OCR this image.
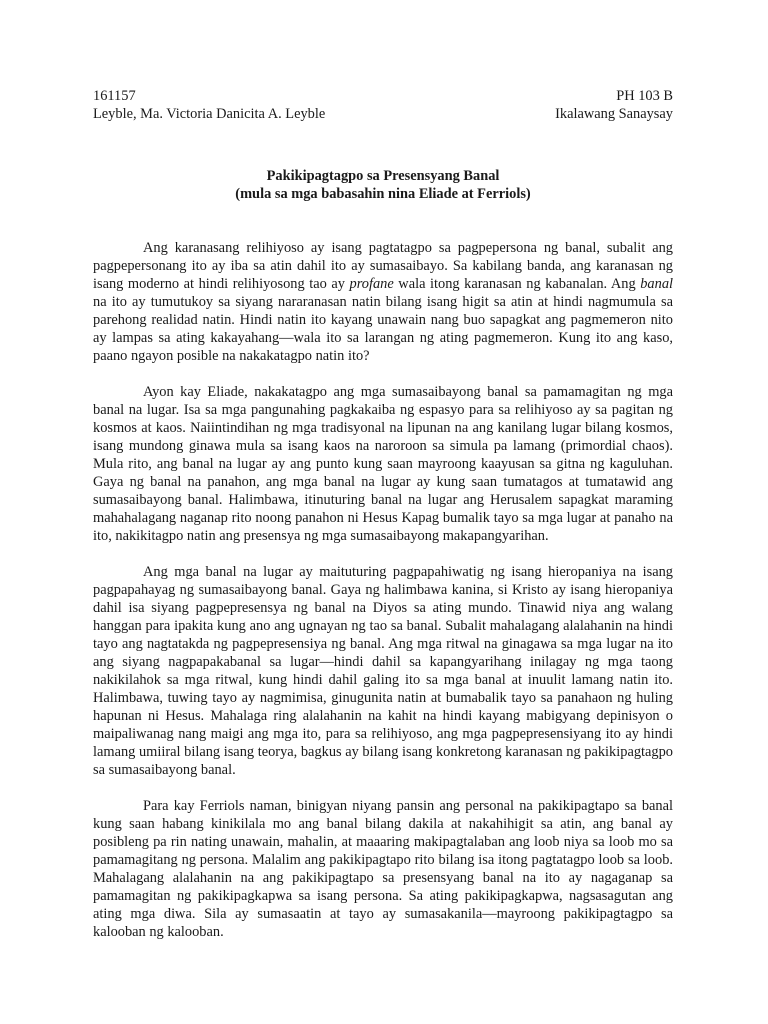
161157
Leyble, Ma. Victoria Danicita A. Leyble
PH 103 B
Ikalawang Sanaysay
Pakikipagtagpo sa Presensyang Banal
(mula sa mga babasahin nina Eliade at Ferriols)

Ang karanasang relihiyoso ay isang pagtatagpo sa pagpepersona ng banal, subalit ang pagpepersonang ito ay iba sa atin dahil ito ay sumasaibayo. Sa kabilang banda, ang karanasan ng isang moderno at hindi relihiyosong tao ay profane wala itong karanasan ng kabanalan. Ang banal na ito ay tumutukoy sa siyang nararanasan natin bilang isang higit sa atin at hindi nagmumula sa parehong realidad natin. Hindi natin ito kayang unawain nang buo sapagkat ang pagmemeron nito ay lampas sa ating kakayahang—wala ito sa larangan ng ating pagmemeron. Kung ito ang kaso, paano ngayon posible na nakakatagpo natin ito?

Ayon kay Eliade, nakakatagpo ang mga sumasaibayong banal sa pamamagitan ng mga banal na lugar. Isa sa mga pangunahing pagkakaiba ng espasyo para sa relihiyoso ay sa pagitan ng kosmos at kaos. Naiintindihan ng mga tradisyonal na lipunan na ang kanilang lugar bilang kosmos, isang mundong ginawa mula sa isang kaos na naroroon sa simula pa lamang (primordial chaos). Mula rito, ang banal na lugar ay ang punto kung saan mayroong kaayusan sa gitna ng kaguluhan. Gaya ng banal na panahon, ang mga banal na lugar ay kung saan tumatagos at tumatawid ang sumasaibayong banal. Halimbawa, itinuturing banal na lugar ang Herusalem sapagkat maraming mahahalagang naganap rito noong panahon ni Hesus Kapag bumalik tayo sa mga lugar at panaho na ito, nakikitagpo natin ang presensya ng mga sumasaibayong makapangyarihan.

Ang mga banal na lugar ay maituturing pagpapahiwatig ng isang hieropaniya na isang pagpapahayag ng sumasaibayong banal. Gaya ng halimbawa kanina, si Kristo ay isang hieropaniya dahil isa siyang pagpepresensya ng banal na Diyos sa ating mundo. Tinawid niya ang walang hanggan para ipakita kung ano ang ugnayan ng tao sa banal. Subalit mahalagang alalahanin na hindi tayo ang nagtatakda ng pagpepresensiya ng banal. Ang mga ritwal na ginagawa sa mga lugar na ito ang siyang nagpapakabanal sa lugar—hindi dahil sa kapangyarihang inilagay ng mga taong nakikilahok sa mga ritwal, kung hindi dahil galing ito sa mga banal at inuulit lamang natin ito. Halimbawa, tuwing tayo ay nagmimisa, ginugunita natin at bumabalik tayo sa panahaon ng huling hapunan ni Hesus. Mahalaga ring alalahanin na kahit na hindi kayang mabigyang depinisyon o maipaliwanag nang maigi ang mga ito, para sa relihiyoso, ang mga pagpepresensiyang ito ay hindi lamang umiiral bilang isang teorya, bagkus ay bilang isang konkretong karanasan ng pakikipagtagpo sa sumasaibayong banal.

Para kay Ferriols naman, binigyan niyang pansin ang personal na pakikipagtapo sa banal kung saan habang kinikilala mo ang banal bilang dakila at nakahihigit sa atin, ang banal ay posibleng pa rin nating unawain, mahalin, at maaaring makipagtalaban ang loob niya sa loob mo sa pamamagitang ng persona. Malalim ang pakikipagtapo rito bilang isa itong pagtatagpo loob sa loob. Mahalagang alalahanin na ang pakikipagtapo sa presensyang banal na ito ay nagaganap sa pamamagitan ng pakikipagkapwa sa isang persona. Sa ating pakikipagkapwa, nagsasagutan ang ating mga diwa. Sila ay sumasaatin at tayo ay sumasakanila—mayroong pakikipagtagpo sa kalooban ng kalooban.
